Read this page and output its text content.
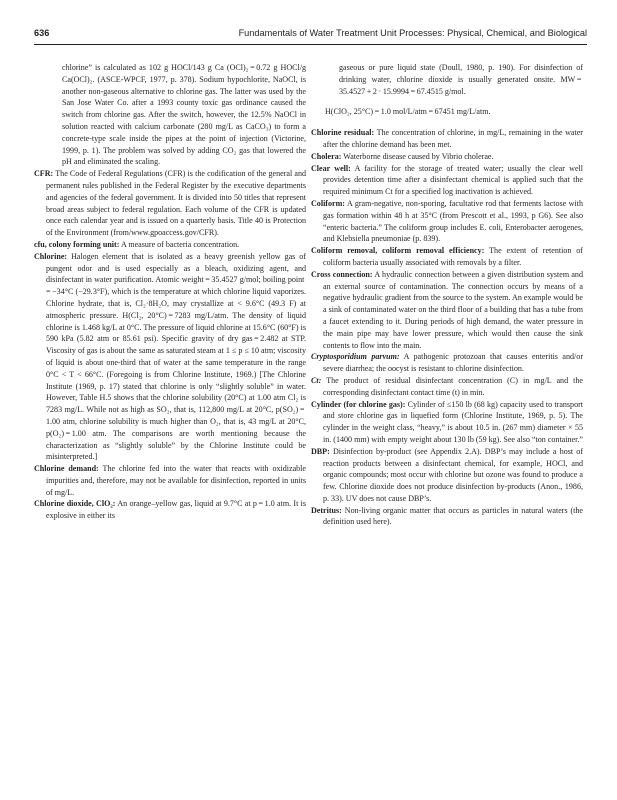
636	Fundamentals of Water Treatment Unit Processes: Physical, Chemical, and Biological
chlorine” is calculated as 102 g HOCl/143 g Ca (OCl)₂ = 0.72 g HOCl/g Ca(OCl)₂. (ASCE-WPCF, 1977, p. 378). Sodium hypochlorite, NaOCl, is another non-gaseous alternative to chlorine gas. The latter was used by the San Jose Water Co. after a 1993 county toxic gas ordinance caused the switch from chlorine gas. After the switch, however, the 12.5% NaOCl in solution reacted with calcium carbonate (280 mg/L as CaCO₃) to form a concrete-type scale inside the pipes at the point of injection (Victorine, 1999, p. 1). The problem was solved by adding CO₂ gas that lowered the pH and eliminated the scaling.
CFR: The Code of Federal Regulations (CFR) is the codification of the general and permanent rules published in the Federal Register by the executive departments and agencies of the federal government. It is divided into 50 titles that represent broad areas subject to federal regulation. Each volume of the CFR is updated once each calendar year and is issued on a quarterly basis. Title 40 is Protection of the Environment (from/www.gpoaccess.gov/CFR).
cfu, colony forming unit: A measure of bacteria concentration.
Chlorine: Halogen element that is isolated as a heavy greenish yellow gas of pungent odor and is used especially as a bleach, oxidizing agent, and disinfectant in water purification. Atomic weight = 35.4527 g/mol; boiling point = −34°C (−29.3°F), which is the temperature at which chlorine liquid vaporizes. Chlorine hydrate, that is, Cl₂·8H₂O, may crystallize at < 9.6°C (49.3 F) at atmospheric pressure. H(Cl₂, 20°C) = 7283 mg/L/atm. The density of liquid chlorine is 1.468 kg/L at 0°C. The pressure of liquid chlorine at 15.6°C (60°F) is 590 kPa (5.82 atm or 85.61 psi). Specific gravity of dry gas = 2.482 at STP. Viscosity of gas is about the same as saturated steam at 1 ≤ p ≤ 10 atm; viscosity of liquid is about one-third that of water at the same temperature in the range 0°C < T < 66°C. (Foregoing is from Chlorine Institute, 1969.) [The Chlorine Institute (1969, p. 17) stated that chlorine is only “slightly soluble” in water. However, Table H.5 shows that the chlorine solubility (20°C) at 1.00 atm Cl₂ is 7283 mg/L. While not as high as SO₂, that is, 112,800 mg/L at 20°C, p(SO₂) = 1.00 atm, chlorine solubility is much higher than O₂, that is, 43 mg/L at 20°C, p(O₂) = 1.00 atm. The comparisons are worth mentioning because the characterization as “slightly soluble” by the Chlorine Institute could be misinterpreted.]
Chlorine demand: The chlorine fed into the water that reacts with oxidizable impurities and, therefore, may not be available for disinfection, reported in units of mg/L.
Chlorine dioxide, ClO₂: An orange–yellow gas, liquid at 9.7°C at p = 1.0 atm. It is explosive in either its
gaseous or pure liquid state (Doull, 1980, p. 190). For disinfection of drinking water, chlorine dioxide is usually generated onsite. MW = 35.4527 + 2 · 15.9994 = 67.4515 g/mol.
H(ClO₂, 25°C) = 1.0 mol/L/atm = 67451 mg/L/atm.
Chlorine residual: The concentration of chlorine, in mg/L, remaining in the water after the chlorine demand has been met.
Cholera: Waterborne disease caused by Vibrio cholerae.
Clear well: A facility for the storage of treated water; usually the clear well provides detention time after a disinfectant chemical is applied such that the required minimum Ct for a specified log inactivation is achieved.
Coliform: A gram-negative, non-sporing, facultative rod that ferments lactose with gas formation within 48 h at 35°C (from Prescott et al., 1993, p G6). See also “enteric bacteria.” The coliform group includes E. coli, Enterobacter aerogenes, and Klebsiella pneumoniae (p. 839).
Coliform removal, coliform removal efficiency: The extent of retention of coliform bacteria usually associated with removals by a filter.
Cross connection: A hydraulic connection between a given distribution system and an external source of contamination. The connection occurs by means of a negative hydraulic gradient from the source to the system. An example would be a sink of contaminated water on the third floor of a building that has a tube from a faucet extending to it. During periods of high demand, the water pressure in the main pipe may have lower pressure, which would then cause the sink contents to flow into the main.
Cryptosporidium parvum: A pathogenic protozoan that causes enteritis and/or severe diarrhea; the oocyst is resistant to chlorine disinfection.
Ct: The product of residual disinfectant concentration (C) in mg/L and the corresponding disinfectant contact time (t) in min.
Cylinder (for chlorine gas): Cylinder of ≤150 lb (68 kg) capacity used to transport and store chlorine gas in liquefied form (Chlorine Institute, 1969, p. 5). The cylinder in the weight class, “heavy,” is about 10.5 in. (267 mm) diameter × 55 in. (1400 mm) with empty weight about 130 lb (59 kg). See also “ton container.”
DBP: Disinfection by-product (see Appendix 2.A). DBP’s may include a host of reaction products between a disinfectant chemical, for example, HOCl, and organic compounds; most occur with chlorine but ozone was found to produce a few. Chlorine dioxide does not produce disinfection by-products (Anon., 1986, p. 33). UV does not cause DBP’s.
Detritus: Non-living organic matter that occurs as particles in natural waters (the definition used here).
